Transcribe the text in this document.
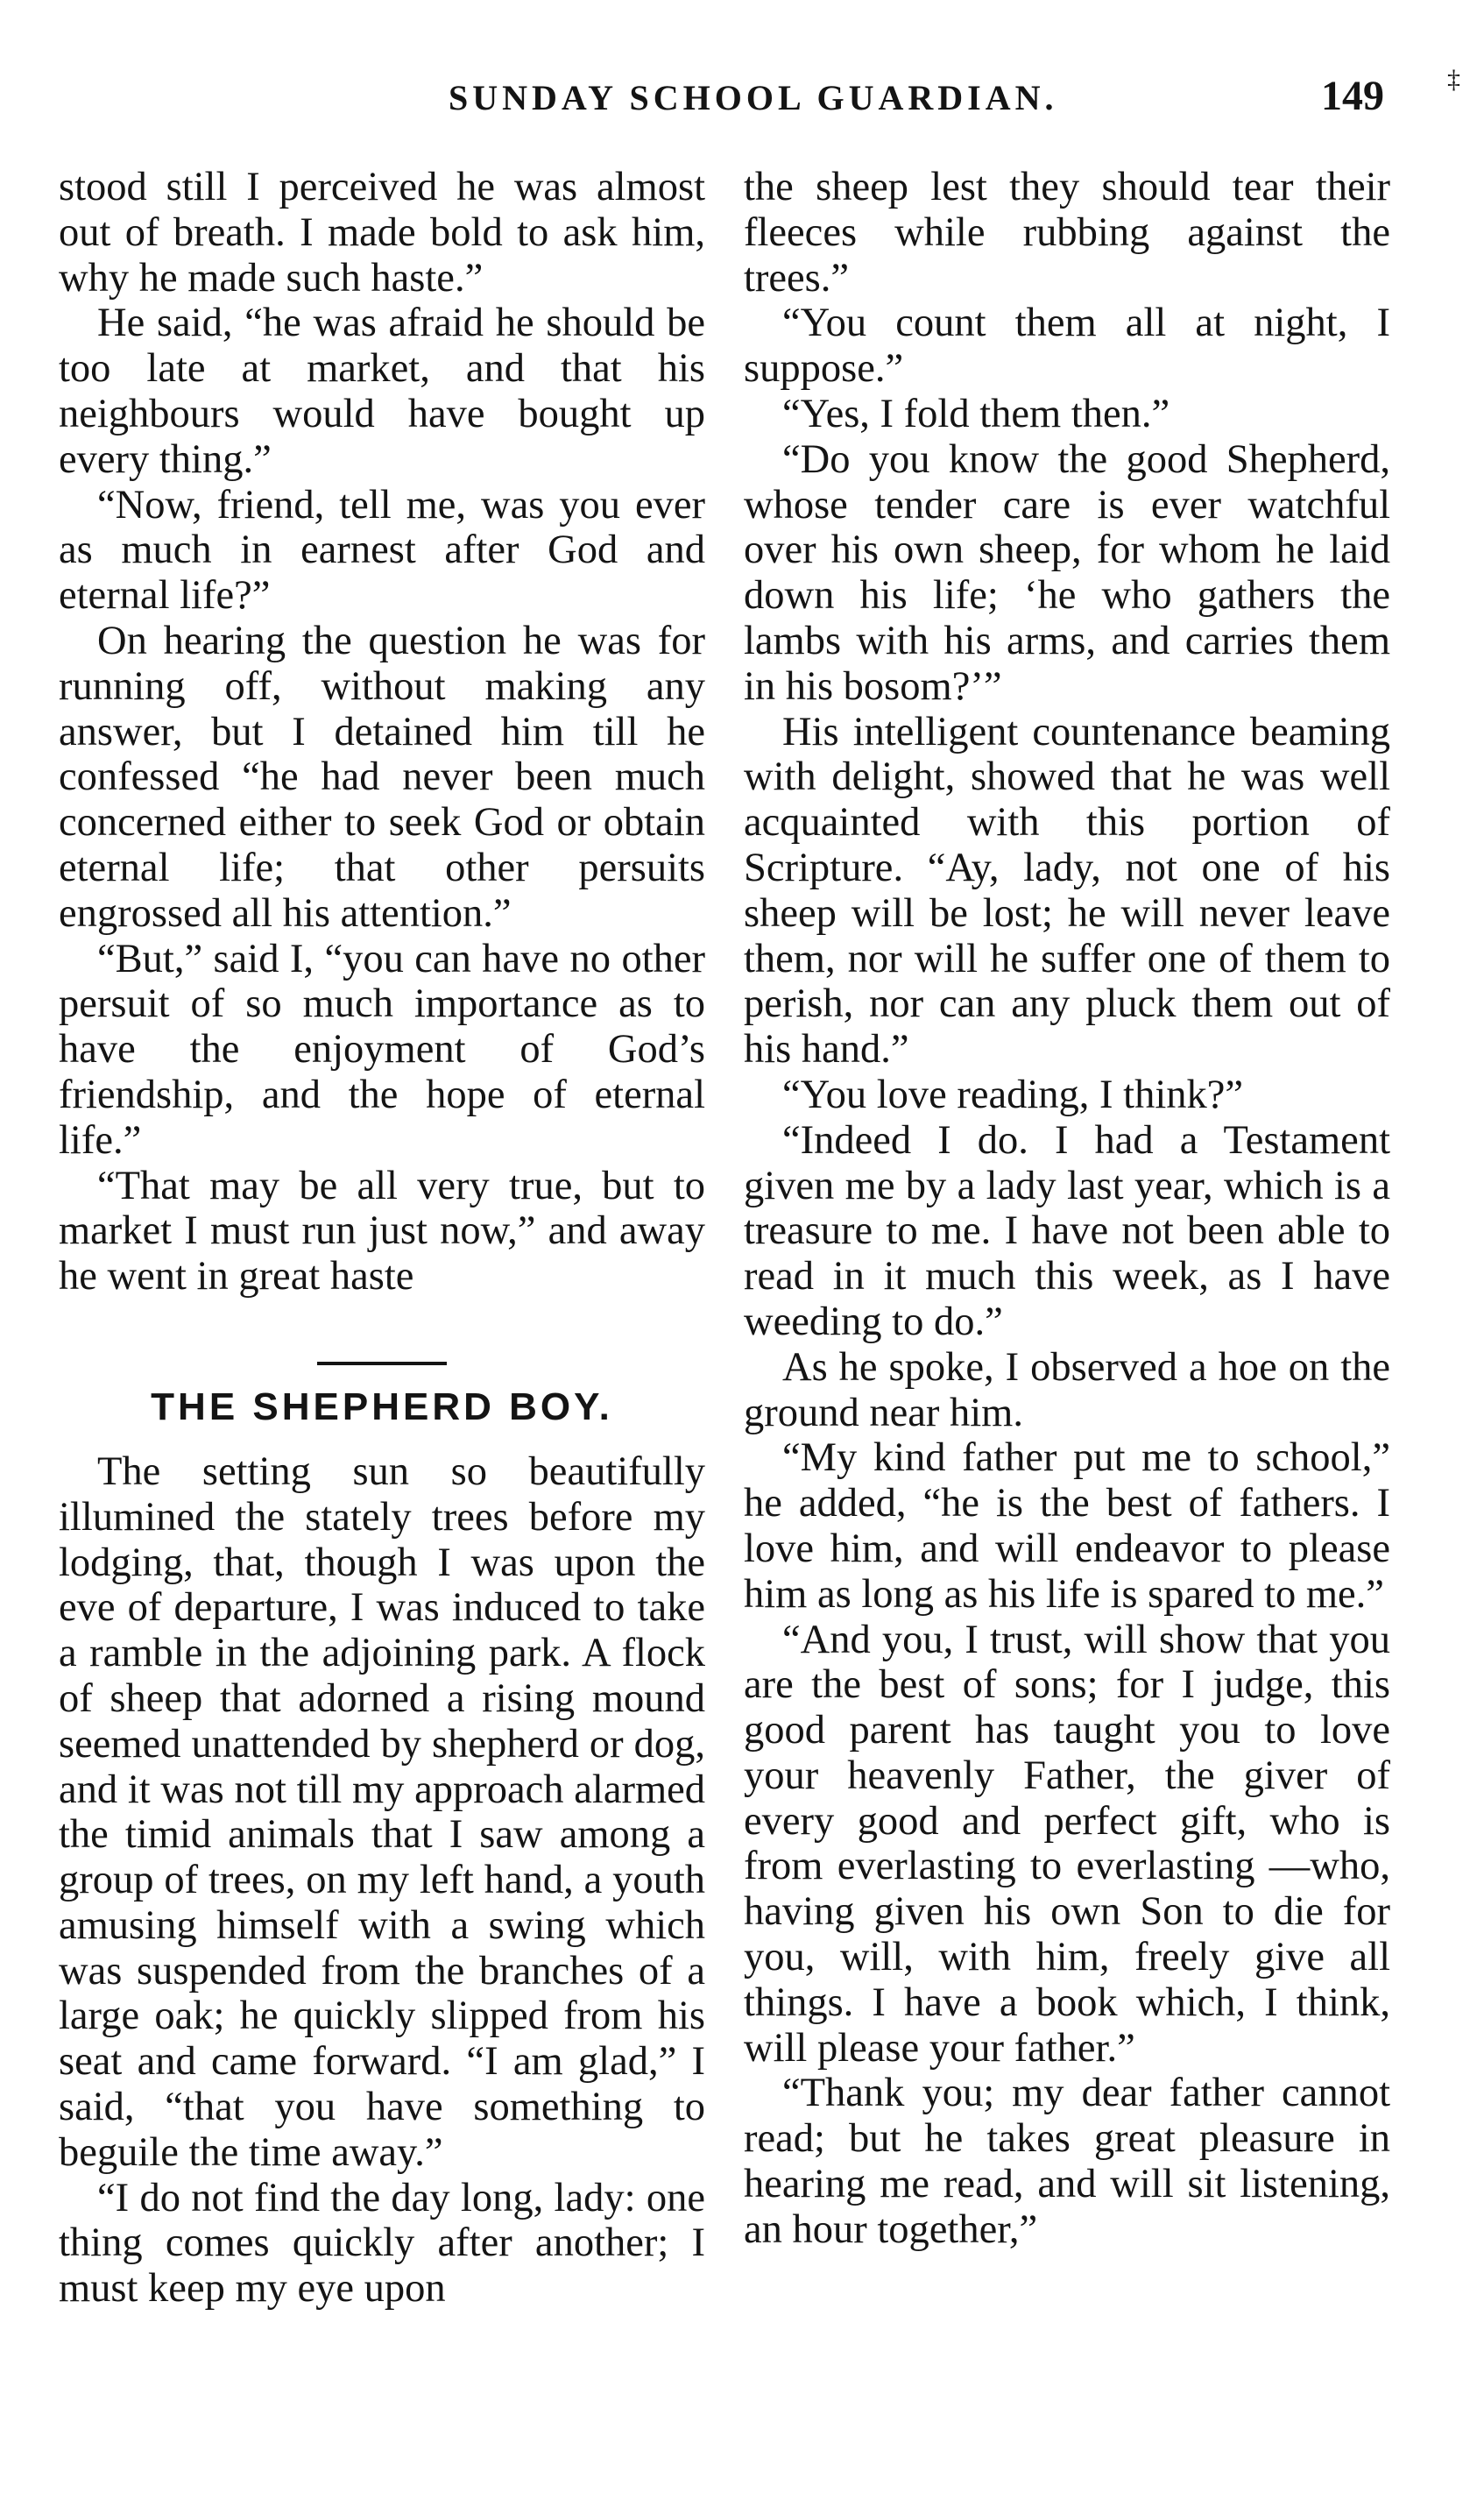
SUNDAY SCHOOL GUARDIAN.	149 ‡

stood still I perceived he was almost out of breath. I made bold to ask him, why he made such haste.”

He said, “he was afraid he should be too late at market, and that his neighbours would have bought up every thing.”

“Now, friend, tell me, was you ever as much in earnest after God and eternal life?”

On hearing the question he was for running off, without making any answer, but I detained him till he confessed “he had never been much concerned either to seek God or obtain eternal life; that other persuits engrossed all his attention.”

“But,” said I, “you can have no other persuit of so much importance as to have the enjoyment of God’s friendship, and the hope of eternal life.”

“That may be all very true, but to market I must run just now,” and away he went in great haste

THE SHEPHERD BOY.

The setting sun so beautifully illumined the stately trees before my lodging, that, though I was upon the eve of departure, I was induced to take a ramble in the adjoining park. A flock of sheep that adorned a rising mound seemed unattended by shepherd or dog, and it was not till my approach alarmed the timid animals that I saw among a group of trees, on my left hand, a youth amusing himself with a swing which was suspended from the branches of a large oak; he quickly slipped from his seat and came forward. “I am glad,” I said, “that you have something to beguile the time away.”

“I do not find the day long, lady: one thing comes quickly after another; I must keep my eye upon

the sheep lest they should tear their fleeces while rubbing against the trees.”

“You count them all at night, I suppose.”

“Yes, I fold them then.”

“Do you know the good Shepherd, whose tender care is ever watchful over his own sheep, for whom he laid down his life; ‘he who gathers the lambs with his arms, and carries them in his bosom?’”

His intelligent countenance beaming with delight, showed that he was well acquainted with this portion of Scripture. “Ay, lady, not one of his sheep will be lost; he will never leave them, nor will he suffer one of them to perish, nor can any pluck them out of his hand.”

“You love reading, I think?”

“Indeed I do. I had a Testament given me by a lady last year, which is a treasure to me. I have not been able to read in it much this week, as I have weeding to do.”

As he spoke, I observed a hoe on the ground near him.

“My kind father put me to school,” he added, “he is the best of fathers. I love him, and will endeavor to please him as long as his life is spared to me.”

“And you, I trust, will show that you are the best of sons; for I judge, this good parent has taught you to love your heavenly Father, the giver of every good and perfect gift, who is from everlasting to everlasting —who, having given his own Son to die for you, will, with him, freely give all things. I have a book which, I think, will please your father.”

“Thank you; my dear father cannot read; but he takes great pleasure in hearing me read, and will sit listening, an hour together,”
